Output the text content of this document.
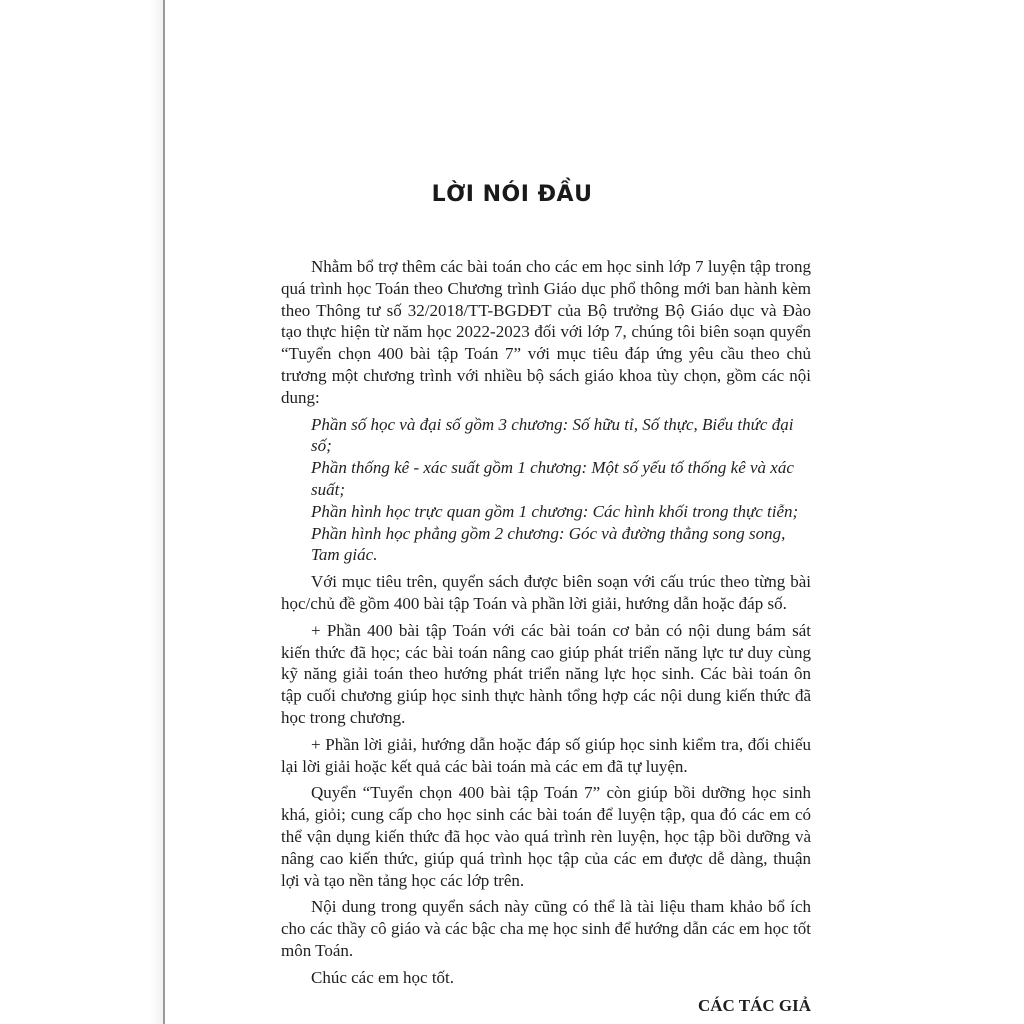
LỜI NÓI ĐẦU

Nhằm bổ trợ thêm các bài toán cho các em học sinh lớp 7 luyện tập trong quá trình học Toán theo Chương trình Giáo dục phổ thông mới ban hành kèm theo Thông tư số 32/2018/TT-BGDĐT của Bộ trưởng Bộ Giáo dục và Đào tạo thực hiện từ năm học 2022-2023 đối với lớp 7, chúng tôi biên soạn quyển “Tuyển chọn 400 bài tập Toán 7” với mục tiêu đáp ứng yêu cầu theo chủ trương một chương trình với nhiều bộ sách giáo khoa tùy chọn, gồm các nội dung:

Phần số học và đại số gồm 3 chương: Số hữu tỉ, Số thực, Biểu thức đại số;
Phần thống kê - xác suất gồm 1 chương: Một số yếu tố thống kê và xác suất;
Phần hình học trực quan gồm 1 chương: Các hình khối trong thực tiễn;
Phần hình học phẳng gồm 2 chương: Góc và đường thẳng song song, Tam giác.

Với mục tiêu trên, quyển sách được biên soạn với cấu trúc theo từng bài học/chủ đề gồm 400 bài tập Toán và phần lời giải, hướng dẫn hoặc đáp số.

+ Phần 400 bài tập Toán với các bài toán cơ bản có nội dung bám sát kiến thức đã học; các bài toán nâng cao giúp phát triển năng lực tư duy cùng kỹ năng giải toán theo hướng phát triển năng lực học sinh. Các bài toán ôn tập cuối chương giúp học sinh thực hành tổng hợp các nội dung kiến thức đã học trong chương.

+ Phần lời giải, hướng dẫn hoặc đáp số giúp học sinh kiểm tra, đối chiếu lại lời giải hoặc kết quả các bài toán mà các em đã tự luyện.

Quyển “Tuyển chọn 400 bài tập Toán 7” còn giúp bồi dưỡng học sinh khá, giỏi; cung cấp cho học sinh các bài toán để luyện tập, qua đó các em có thể vận dụng kiến thức đã học vào quá trình rèn luyện, học tập bồi dưỡng và nâng cao kiến thức, giúp quá trình học tập của các em được dễ dàng, thuận lợi và tạo nền tảng học các lớp trên.

Nội dung trong quyển sách này cũng có thể là tài liệu tham khảo bổ ích cho các thầy cô giáo và các bậc cha mẹ học sinh để hướng dẫn các em học tốt môn Toán.

Chúc các em học tốt.

CÁC TÁC GIẢ
